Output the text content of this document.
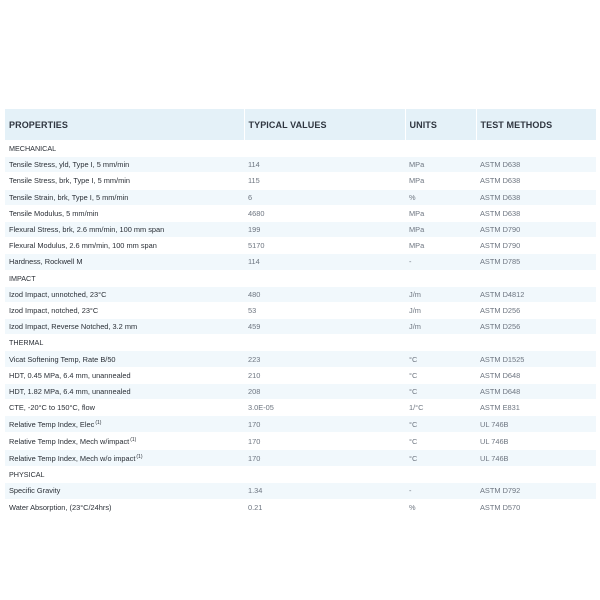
PROPERTIES	TYPICAL VALUES	UNITS	TEST METHODS
MECHANICAL			
Tensile Stress, yld, Type I, 5 mm/min	114	MPa	ASTM D638
Tensile Stress, brk, Type I, 5 mm/min	115	MPa	ASTM D638
Tensile Strain, brk, Type I, 5 mm/min	6	%	ASTM D638
Tensile Modulus, 5 mm/min	4680	MPa	ASTM D638
Flexural Stress, brk, 2.6 mm/min, 100 mm span	199	MPa	ASTM D790
Flexural Modulus, 2.6 mm/min, 100 mm span	5170	MPa	ASTM D790
Hardness, Rockwell M	114	-	ASTM D785
IMPACT			
Izod Impact, unnotched, 23°C	480	J/m	ASTM D4812
Izod Impact, notched, 23°C	53	J/m	ASTM D256
Izod Impact, Reverse Notched, 3.2 mm	459	J/m	ASTM D256
THERMAL			
Vicat Softening Temp, Rate B/50	223	°C	ASTM D1525
HDT, 0.45 MPa, 6.4 mm, unannealed	210	°C	ASTM D648
HDT, 1.82 MPa, 6.4 mm, unannealed	208	°C	ASTM D648
CTE, -20°C to 150°C, flow	3.0E-05	1/°C	ASTM E831
Relative Temp Index, Elec$^{(1)}$	170	°C	UL 746B
Relative Temp Index, Mech w/impact$^{(1)}$	170	°C	UL 746B
Relative Temp Index, Mech w/o impact$^{(1)}$	170	°C	UL 746B
PHYSICAL			
Specific Gravity	1.34	-	ASTM D792
Water Absorption, (23°C/24hrs)	0.21	%	ASTM D570
